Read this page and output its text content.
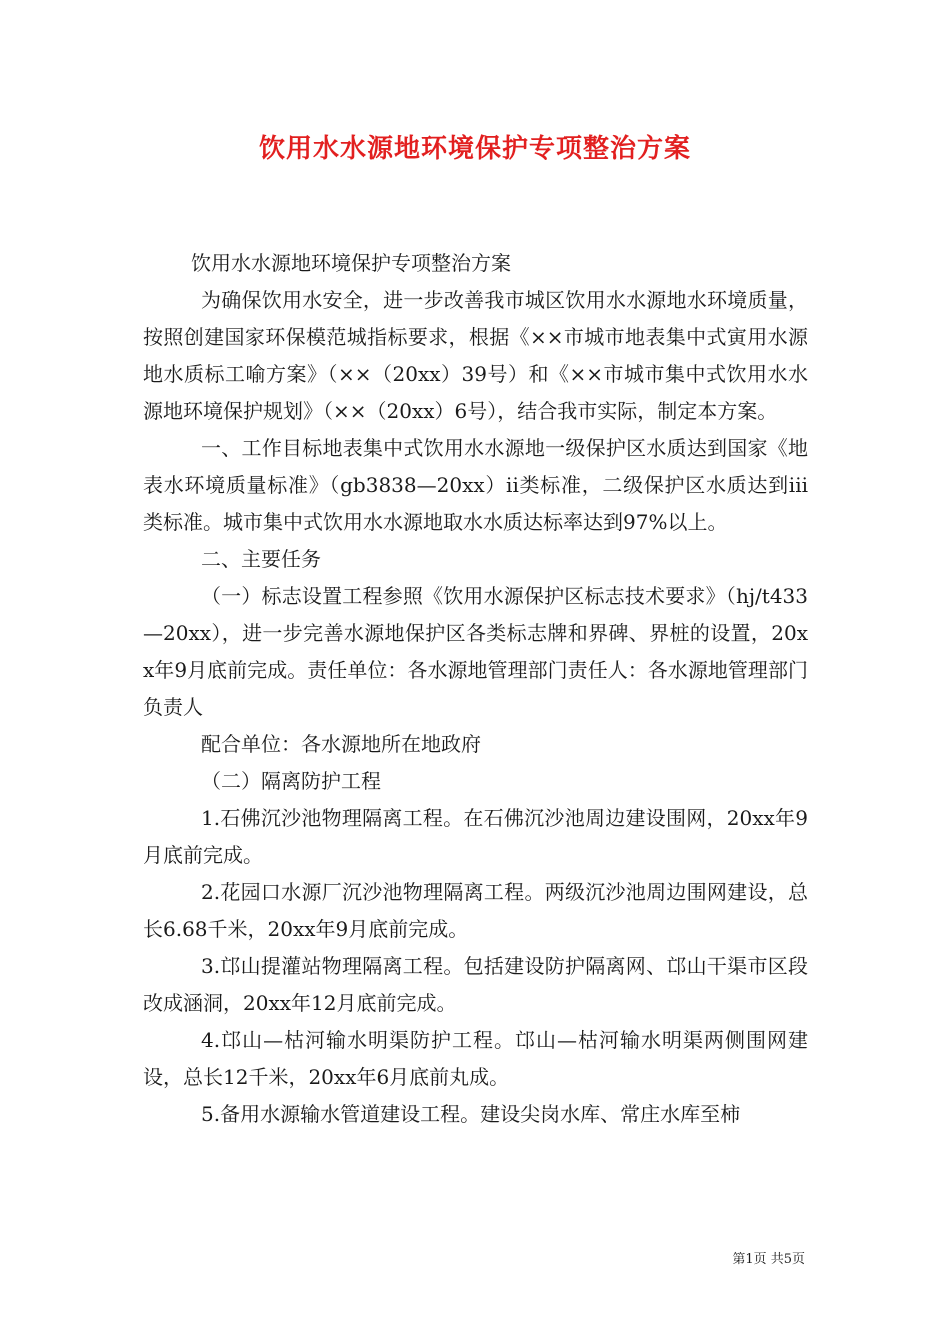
饮用水水源地环境保护专项整治方案

饮用水水源地环境保护专项整治方案

为确保饮用水安全，进一步改善我市城区饮用水水源地水环境质量，按照创建国家环保模范城指标要求，根据《××市城市地表集中式寅用水源地水质标工喻方案》（××（20xx）39号）和《××市城市集中式饮用水水源地环境保护规划》（××（20xx）6号），结合我市实际，制定本方案。

一、工作目标地表集中式饮用水水源地一级保护区水质达到国家《地表水环境质量标准》（gb3838—20xx）ii类标准，二级保护区水质达到iii类标准。城市集中式饮用水水源地取水水质达标率达到97%以上。

二、主要任务

（一）标志设置工程参照《饮用水源保护区标志技术要求》（hj/t433—20xx），进一步完善水源地保护区各类标志牌和界碑、界桩的设置，20xx年9月底前完成。责任单位：各水源地管理部门责任人：各水源地管理部门负责人

配合单位：各水源地所在地政府

（二）隔离防护工程

1.石佛沉沙池物理隔离工程。在石佛沉沙池周边建设围网，20xx年9月底前完成。

2.花园口水源厂沉沙池物理隔离工程。两级沉沙池周边围网建设，总长6.68千米，20xx年9月底前完成。

3.邙山提灌站物理隔离工程。包括建设防护隔离网、邙山干渠市区段改成涵洞，20xx年12月底前完成。

4.邙山—枯河输水明渠防护工程。邙山—枯河输水明渠两侧围网建设，总长12千米，20xx年6月底前丸成。

5.备用水源输水管道建设工程。建设尖岗水库、常庄水库至柿

第1页 共5页
